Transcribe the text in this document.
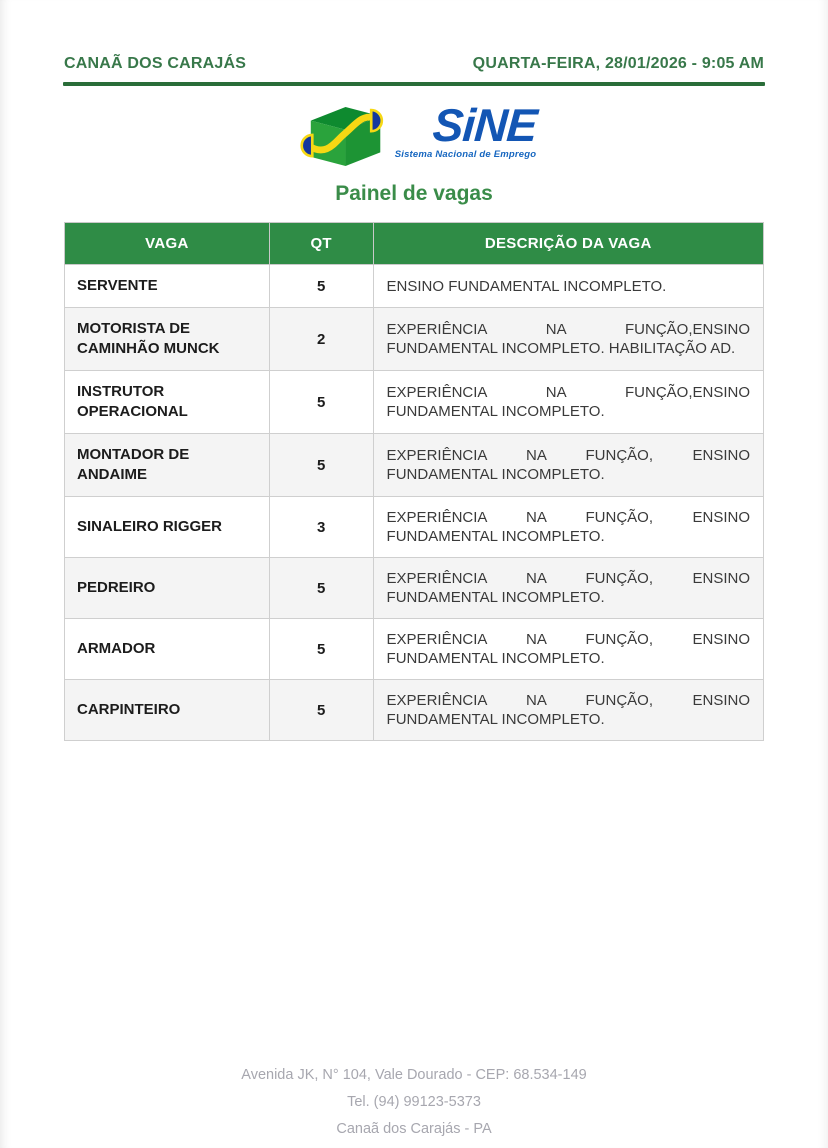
CANAÃ DOS CARAJÁS	QUARTA-FEIRA, 28/01/2026 - 9:05 AM
SiNE
Sistema Nacional de Emprego
Painel de vagas
VAGA	QT	DESCRIÇÃO DA VAGA
SERVENTE	5	ENSINO FUNDAMENTAL INCOMPLETO.

MOTORISTA DE CAMINHÃO MUNCK	2	EXPERIÊNCIA NA FUNÇÃO,ENSINO
FUNDAMENTAL INCOMPLETO. HABILITAÇÃO AD.

INSTRUTOR OPERACIONAL	5	EXPERIÊNCIA NA FUNÇÃO,ENSINO
FUNDAMENTAL INCOMPLETO.

MONTADOR DE ANDAIME	5	EXPERIÊNCIA NA FUNÇÃO, ENSINO
FUNDAMENTAL INCOMPLETO.

SINALEIRO RIGGER	3	EXPERIÊNCIA NA FUNÇÃO, ENSINO
FUNDAMENTAL INCOMPLETO.

PEDREIRO	5	EXPERIÊNCIA NA FUNÇÃO, ENSINO
FUNDAMENTAL INCOMPLETO.

ARMADOR	5	EXPERIÊNCIA NA FUNÇÃO, ENSINO
FUNDAMENTAL INCOMPLETO.

CARPINTEIRO	5	EXPERIÊNCIA NA FUNÇÃO, ENSINO
FUNDAMENTAL INCOMPLETO.
Avenida JK, N° 104, Vale Dourado - CEP: 68.534-149
Tel. (94) 99123-5373
Canaã dos Carajás - PA
